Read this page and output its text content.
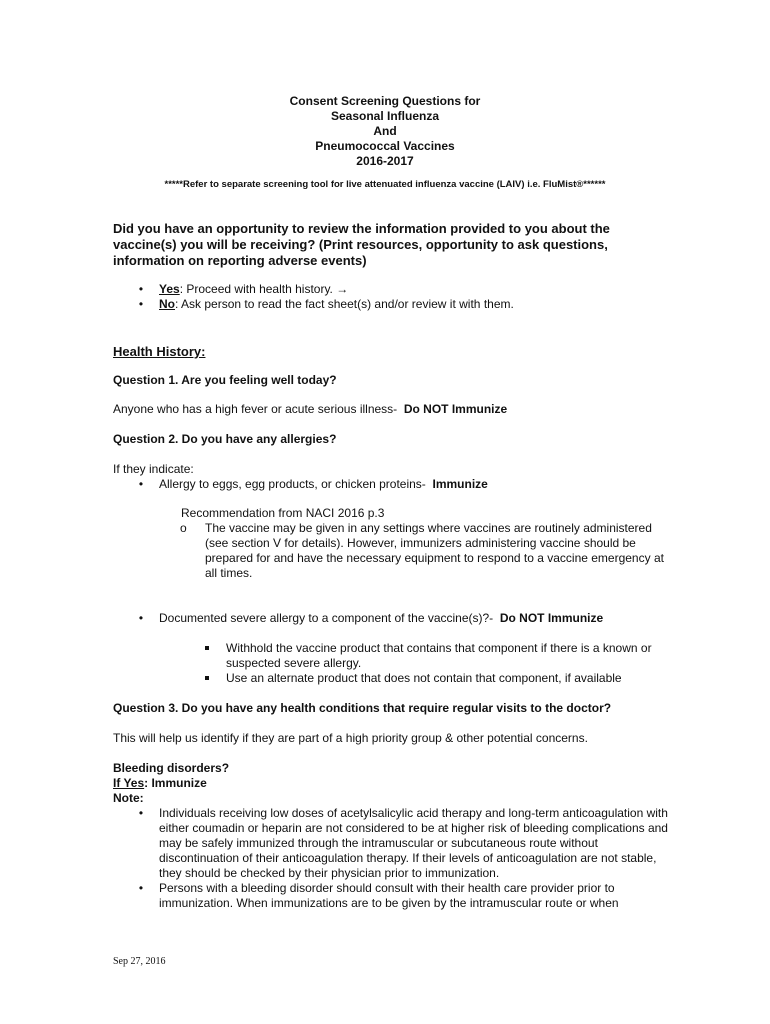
Consent Screening Questions for
Seasonal Influenza
And
Pneumococcal Vaccines
2016-2017
*****Refer to separate screening tool for live attenuated influenza vaccine (LAIV) i.e. FluMist®******
Did you have an opportunity to review the information provided to you about the vaccine(s) you will be receiving? (Print resources, opportunity to ask questions, information on reporting adverse events)
•	Yes: Proceed with health history. →
•	No: Ask person to read the fact sheet(s) and/or review it with them.
Health History:
Question 1. Are you feeling well today?
Anyone who has a high fever or acute serious illness- Do NOT Immunize
Question 2. Do you have any allergies?
If they indicate:
•	Allergy to eggs, egg products, or chicken proteins- Immunize
Recommendation from NACI 2016 p.3
o The vaccine may be given in any settings where vaccines are routinely administered (see section V for details). However, immunizers administering vaccine should be prepared for and have the necessary equipment to respond to a vaccine emergency at all times.
•	Documented severe allergy to a component of the vaccine(s)?- Do NOT Immunize
Withhold the vaccine product that contains that component if there is a known or suspected severe allergy.
Use an alternate product that does not contain that component, if available
Question 3. Do you have any health conditions that require regular visits to the doctor?
This will help us identify if they are part of a high priority group & other potential concerns.
Bleeding disorders?
If Yes: Immunize
Note:
•	Individuals receiving low doses of acetylsalicylic acid therapy and long-term anticoagulation with either coumadin or heparin are not considered to be at higher risk of bleeding complications and may be safely immunized through the intramuscular or subcutaneous route without discontinuation of their anticoagulation therapy. If their levels of anticoagulation are not stable, they should be checked by their physician prior to immunization.
•	Persons with a bleeding disorder should consult with their health care provider prior to immunization. When immunizations are to be given by the intramuscular route or when
Sep 27, 2016
